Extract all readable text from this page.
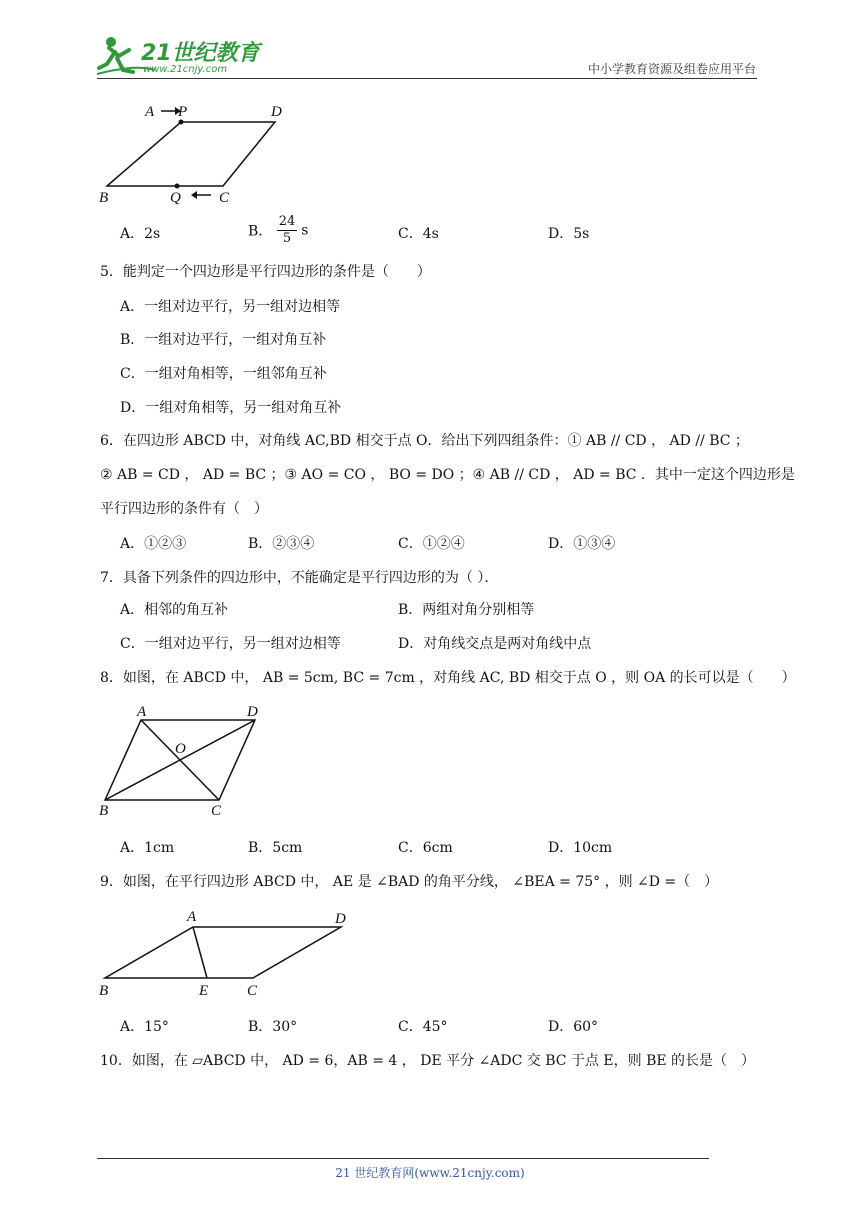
21世纪教育
www.21cnjy.com	中小学教育资源及组卷应用平台
A P	D
B	Q	C
A．2s	B． $\frac{24}{5}$ s	C．4s	D．5s
5．能判定一个四边形是平行四边形的条件是（　　）
A．一组对边平行，另一组对边相等
B．一组对边平行，一组对角互补
C．一组对角相等，一组邻角互补
D．一组对角相等，另一组对角互补
6．在四边形 ABCD 中，对角线 AC,BD 相交于点 O．给出下列四组条件：① AB // CD ， AD // BC ；
② AB = CD ， AD = BC ；③ AO = CO ， BO = DO ；④ AB // CD ， AD = BC ．其中一定这个四边形是
平行四边形的条件有（　）
A．①②③	B．②③④	C．①②④	D．①③④
7．具备下列条件的四边形中，不能确定是平行四边形的为（ ）．
A．相邻的角互补	B．两组对角分别相等
C．一组对边平行，另一组对边相等	D．对角线交点是两对角线中点
8．如图，在 ABCD 中， AB = 5cm, BC = 7cm ，对角线 AC, BD 相交于点 O ，则 OA 的长可以是（　　）
A	D
O
B	C
A．1cm	B．5cm	C．6cm	D．10cm
9．如图，在平行四边形 ABCD 中， AE 是 ∠BAD 的角平分线， ∠BEA = 75° ，则 ∠D =（　）
A	D
B	E	C
A．15°	B．30°	C．45°	D．60°
10．如图，在 ▱ABCD 中， AD = 6，AB = 4 ， DE 平分 ∠ADC 交 BC 于点 E，则 BE 的长是（　）
21 世纪教育网(www.21cnjy.com)
